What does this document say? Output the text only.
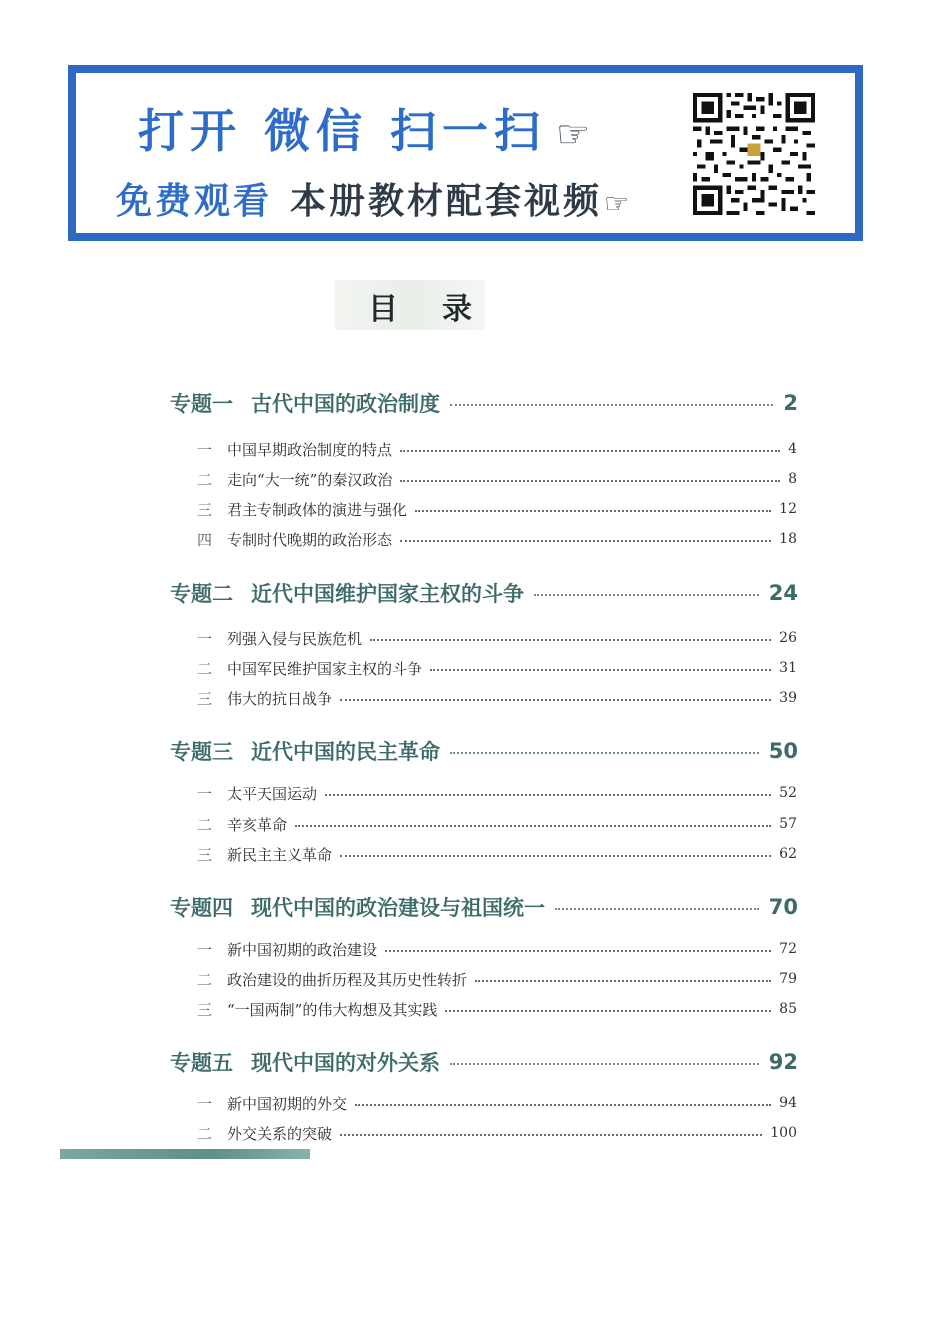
打开 微信 扫一扫 ☞
免费观看 本册教材配套视频☞
目录

专题一 古代中国的政治制度	2
一 中国早期政治制度的特点	4
二 走向“大一统”的秦汉政治	8
三 君主专制政体的演进与强化	12
四 专制时代晚期的政治形态	18
专题二 近代中国维护国家主权的斗争	24
一 列强入侵与民族危机	26
二 中国军民维护国家主权的斗争	31
三 伟大的抗日战争	39
专题三 近代中国的民主革命	50
一 太平天国运动	52
二 辛亥革命	57
三 新民主主义革命	62
专题四 现代中国的政治建设与祖国统一	70
一 新中国初期的政治建设	72
二 政治建设的曲折历程及其历史性转折	79
三 “一国两制”的伟大构想及其实践	85
专题五 现代中国的对外关系	92
一 新中国初期的外交	94
二 外交关系的突破	100
